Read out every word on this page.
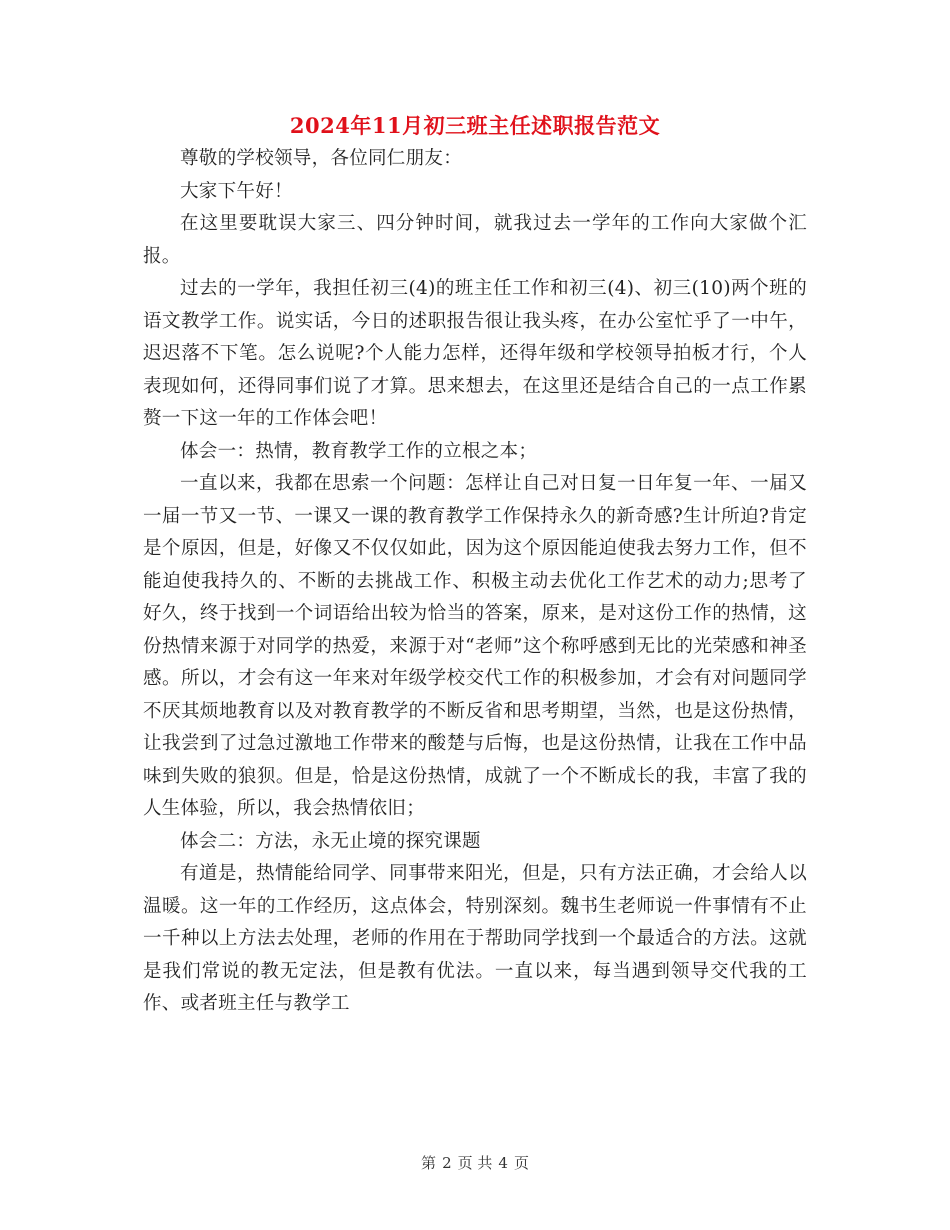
2024年11月初三班主任述职报告范文

尊敬的学校领导，各位同仁朋友：

大家下午好！

在这里要耽误大家三、四分钟时间，就我过去一学年的工作向大家做个汇报。

过去的一学年，我担任初三(4)的班主任工作和初三(4)、初三(10)两个班的语文教学工作。说实话，今日的述职报告很让我头疼，在办公室忙乎了一中午，迟迟落不下笔。怎么说呢?个人能力怎样，还得年级和学校领导拍板才行，个人表现如何，还得同事们说了才算。思来想去，在这里还是结合自己的一点工作累赘一下这一年的工作体会吧！

体会一：热情，教育教学工作的立根之本；

一直以来，我都在思索一个问题：怎样让自己对日复一日年复一年、一届又一届一节又一节、一课又一课的教育教学工作保持永久的新奇感?生计所迫?肯定是个原因，但是，好像又不仅仅如此，因为这个原因能迫使我去努力工作，但不能迫使我持久的、不断的去挑战工作、积极主动去优化工作艺术的动力;思考了好久，终于找到一个词语给出较为恰当的答案，原来，是对这份工作的热情，这份热情来源于对同学的热爱，来源于对“老师”这个称呼感到无比的光荣感和神圣感。所以，才会有这一年来对年级学校交代工作的积极参加，才会有对问题同学不厌其烦地教育以及对教育教学的不断反省和思考期望，当然，也是这份热情，让我尝到了过急过激地工作带来的酸楚与后悔，也是这份热情，让我在工作中品味到失败的狼狈。但是，恰是这份热情，成就了一个不断成长的我，丰富了我的人生体验，所以，我会热情依旧；

体会二：方法，永无止境的探究课题

有道是，热情能给同学、同事带来阳光，但是，只有方法正确，才会给人以温暖。这一年的工作经历，这点体会，特别深刻。魏书生老师说一件事情有不止一千种以上方法去处理，老师的作用在于帮助同学找到一个最适合的方法。这就是我们常说的教无定法，但是教有优法。一直以来，每当遇到领导交代我的工作、或者班主任与教学工

第 2 页 共 4 页
